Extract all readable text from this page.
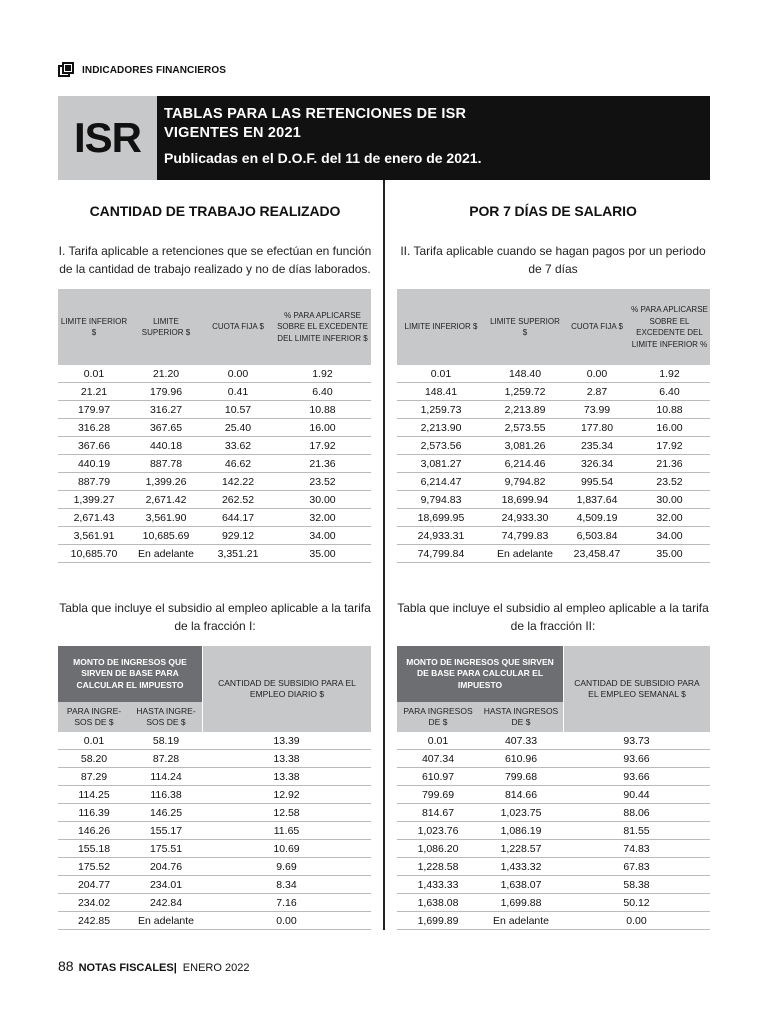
INDICADORES FINANCIEROS
ISR TABLAS PARA LAS RETENCIONES DE ISR
VIGENTES EN 2021
Publicadas en el D.O.F. del 11 de enero de 2021.
CANTIDAD DE TRABAJO REALIZADO
I. Tarifa aplicable a retenciones que se efectúan en función de la cantidad de trabajo realizado y no de días laborados.
LIMITE INFERIOR $
LIMITE SUPERIOR $
CUOTA FIJA $
% PARA APLICARSE SOBRE EL EXCEDENTE DEL LIMITE INFERIOR $
0.01	21.20	0.00	1.92
21.21	179.96	0.41	6.40
179.97	316.27	10.57	10.88
316.28	367.65	25.40	16.00
367.66	440.18	33.62	17.92
440.19	887.78	46.62	21.36
887.79	1,399.26	142.22	23.52
1,399.27	2,671.42	262.52	30.00
2,671.43	3,561.90	644.17	32.00
3,561.91	10,685.69	929.12	34.00
10,685.70	En adelante	3,351.21	35.00
Tabla que incluye el subsidio al empleo aplicable a la tarifa de la fracción I:
MONTO DE INGRESOS QUE SIRVEN DE BASE PARA CALCULAR EL IMPUESTO
PARA INGRE- SOS DE $
HASTA INGRE- SOS DE $
CANTIDAD DE SUBSIDIO PARA EL EMPLEO DIARIO $
0.01	58.19	13.39
58.20	87.28	13.38
87.29	114.24	13.38
114.25	116.38	12.92
116.39	146.25	12.58
146.26	155.17	11.65
155.18	175.51	10.69
175.52	204.76	9.69
204.77	234.01	8.34
234.02	242.84	7.16
242.85	En adelante	0.00
POR 7 DÍAS DE SALARIO
II. Tarifa aplicable cuando se hagan pagos por un periodo de 7 días
LIMITE INFERIOR $
LIMITE SUPERIOR $
CUOTA FIJA $
% PARA APLICARSE SOBRE EL EXCEDENTE DEL LIMITE INFERIOR %
0.01	148.40	0.00	1.92
148.41	1,259.72	2.87	6.40
1,259.73	2,213.89	73.99	10.88
2,213.90	2,573.55	177.80	16.00
2,573.56	3,081.26	235.34	17.92
3,081.27	6,214.46	326.34	21.36
6,214.47	9,794.82	995.54	23.52
9,794.83	18,699.94	1,837.64	30.00
18,699.95	24,933.30	4,509.19	32.00
24,933.31	74,799.83	6,503.84	34.00
74,799.84	En adelante	23,458.47	35.00
Tabla que incluye el subsidio al empleo aplicable a la tarifa de la fracción II:
MONTO DE INGRESOS QUE SIRVEN DE BASE PARA CALCULAR EL IMPUESTO
PARA INGRESOS DE $
HASTA INGRESOS DE $
CANTIDAD DE SUBSIDIO PARA EL EMPLEO SEMANAL $
0.01	407.33	93.73
407.34	610.96	93.66
610.97	799.68	93.66
799.69	814.66	90.44
814.67	1,023.75	88.06
1,023.76	1,086.19	81.55
1,086.20	1,228.57	74.83
1,228.58	1,433.32	67.83
1,433.33	1,638.07	58.38
1,638.08	1,699.88	50.12
1,699.89	En adelante	0.00
88 NOTAS FISCALES| ENERO 2022
